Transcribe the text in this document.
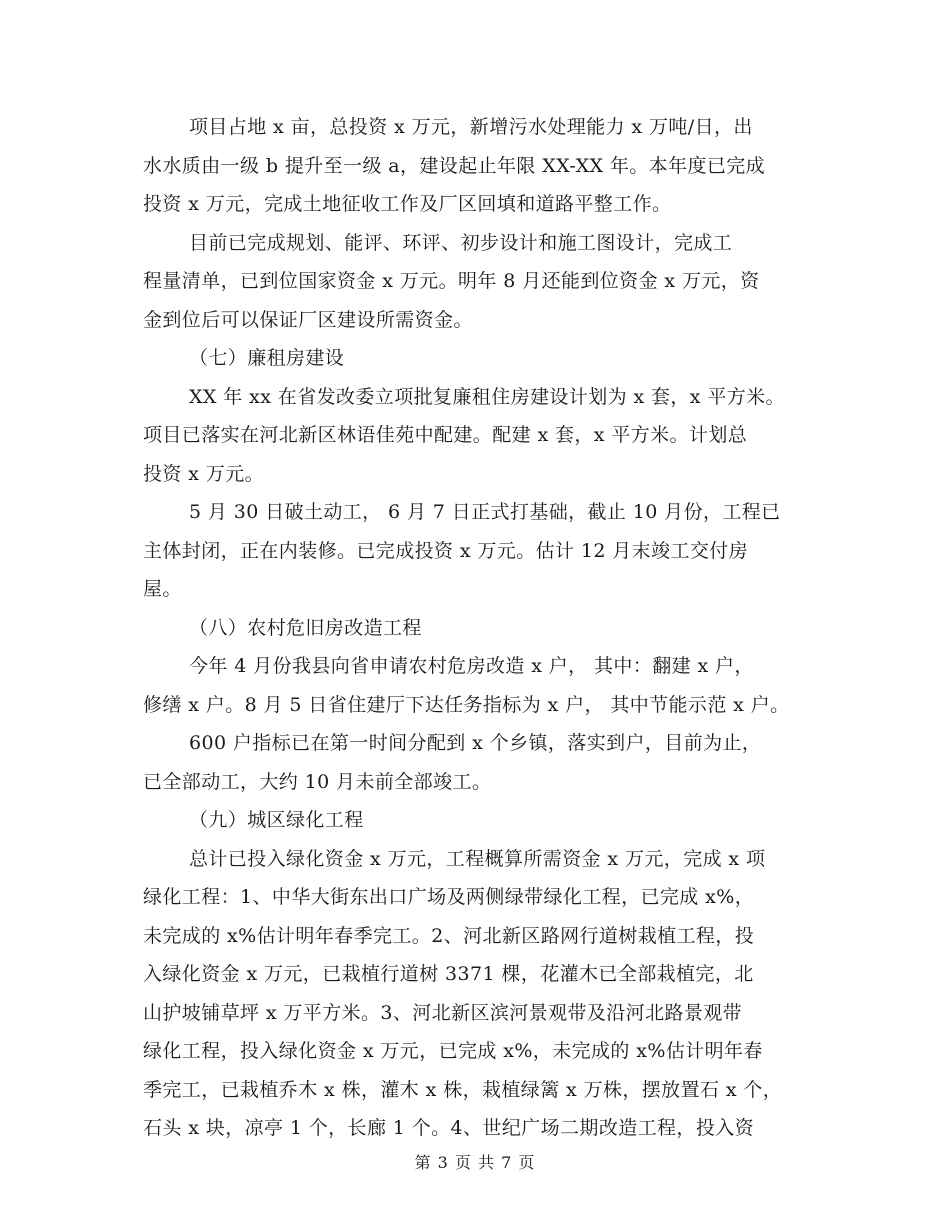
项目占地 x 亩，总投资 x 万元，新增污水处理能力 x 万吨/日，出
水水质由一级 b 提升至一级 a，建设起止年限 XX-XX 年。本年度已完成
投资 x 万元，完成土地征收工作及厂区回填和道路平整工作。
目前已完成规划、能评、环评、初步设计和施工图设计，完成工
程量清单，已到位国家资金 x 万元。明年 8 月还能到位资金 x 万元，资
金到位后可以保证厂区建设所需资金。
（七）廉租房建设
XX 年 xx 在省发改委立项批复廉租住房建设计划为 x 套，x 平方米。
项目已落实在河北新区林语佳苑中配建。配建 x 套，x 平方米。计划总
投资 x 万元。
5 月 30 日破土动工， 6 月 7 日正式打基础，截止 10 月份，工程已
主体封闭，正在内装修。已完成投资 x 万元。估计 12 月末竣工交付房
屋。
（八）农村危旧房改造工程
今年 4 月份我县向省申请农村危房改造 x 户， 其中：翻建 x 户，
修缮 x 户。8 月 5 日省住建厅下达任务指标为 x 户， 其中节能示范 x 户。
600 户指标已在第一时间分配到 x 个乡镇，落实到户，目前为止，
已全部动工，大约 10 月未前全部竣工。
（九）城区绿化工程
总计已投入绿化资金 x 万元，工程概算所需资金 x 万元，完成 x 项
绿化工程：1、中华大街东出口广场及两侧绿带绿化工程，已完成 x%，
未完成的 x%估计明年春季完工。2、河北新区路网行道树栽植工程，投
入绿化资金 x 万元，已栽植行道树 3371 棵，花灌木已全部栽植完，北
山护坡铺草坪 x 万平方米。3、河北新区滨河景观带及沿河北路景观带
绿化工程，投入绿化资金 x 万元，已完成 x%，未完成的 x%估计明年春
季完工，已栽植乔木 x 株，灌木 x 株，栽植绿篱 x 万株，摆放置石 x 个，
石头 x 块，凉亭 1 个，长廊 1 个。4、世纪广场二期改造工程，投入资
第 3 页 共 7 页
